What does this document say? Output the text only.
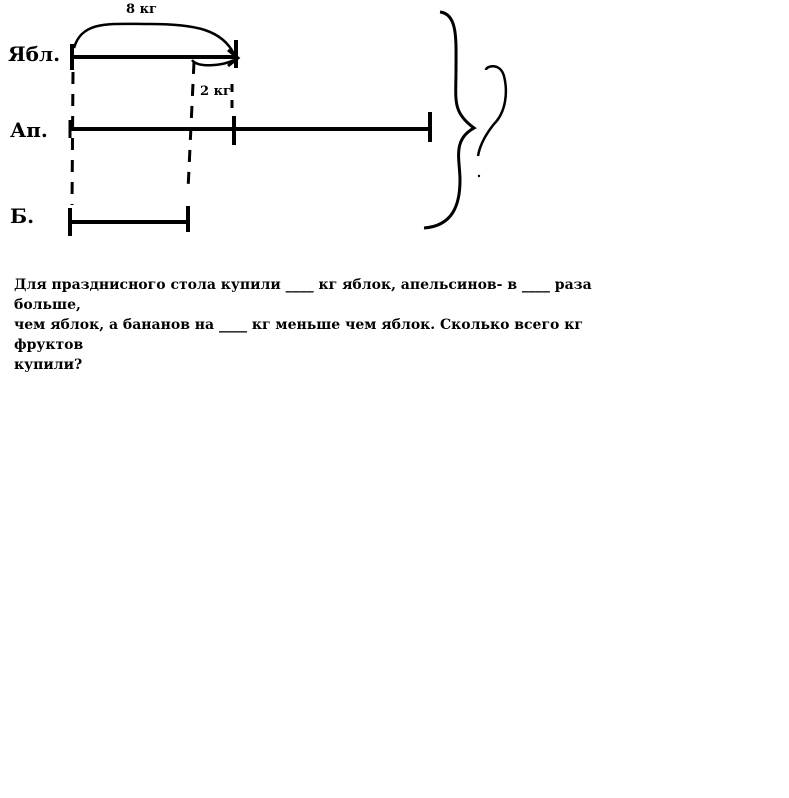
Ябл.
Ап.
Б.
8 кг
2 кг
Для праздниcного стола купили ____ кг яблок, апельсинов- в ____ раза больше,
чем яблок, а бананов на ____ кг меньше чем яблок. Сколько всего кг фруктов
купили?
